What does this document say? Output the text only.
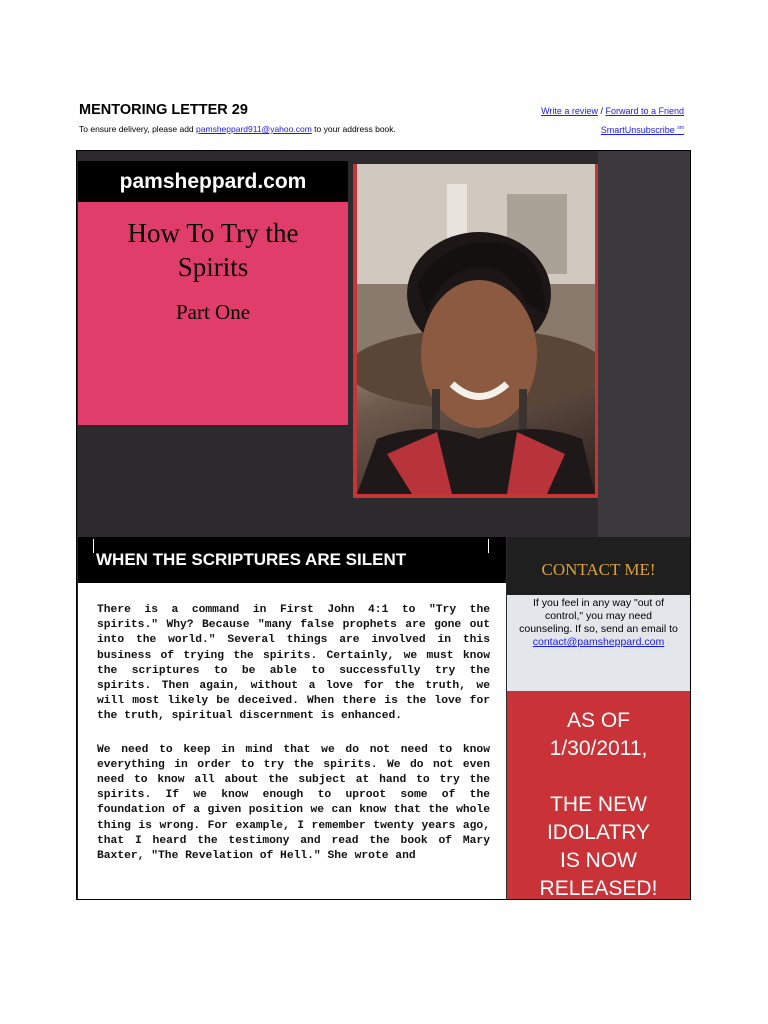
MENTORING LETTER 29
To ensure delivery, please add pamsheppard911@yahoo.com to your address book.
Write a review / Forward to a Friend
SmartUnsubscribe $^{sm}$
pamsheppard.com
How To Try the
Spirits
Part One
WHEN THE SCRIPTURES ARE SILENT

There is a command in First John 4:1 to "Try the spirits." Why? Because "many false prophets are gone out into the world." Several things are involved in this business of trying the spirits. Certainly, we must know the scriptures to be able to successfully try the spirits. Then again, without a love for the truth, we will most likely be deceived. When there is the love for the truth, spiritual discernment is enhanced.

We need to keep in mind that we do not need to know everything in order to try the spirits. We do not even need to know all about the subject at hand to try the spirits. If we know enough to uproot some of the foundation of a given position we can know that the whole thing is wrong. For example, I remember twenty years ago, that I heard the testimony and read the book of Mary Baxter, "The Revelation of Hell." She wrote and

CONTACT ME!
If you feel in any way "out of control," you may need counseling. If so, send an email to
contact@pamsheppard.com
AS OF
1/30/2011,
THE NEW
IDOLATRY
IS NOW
RELEASED!
